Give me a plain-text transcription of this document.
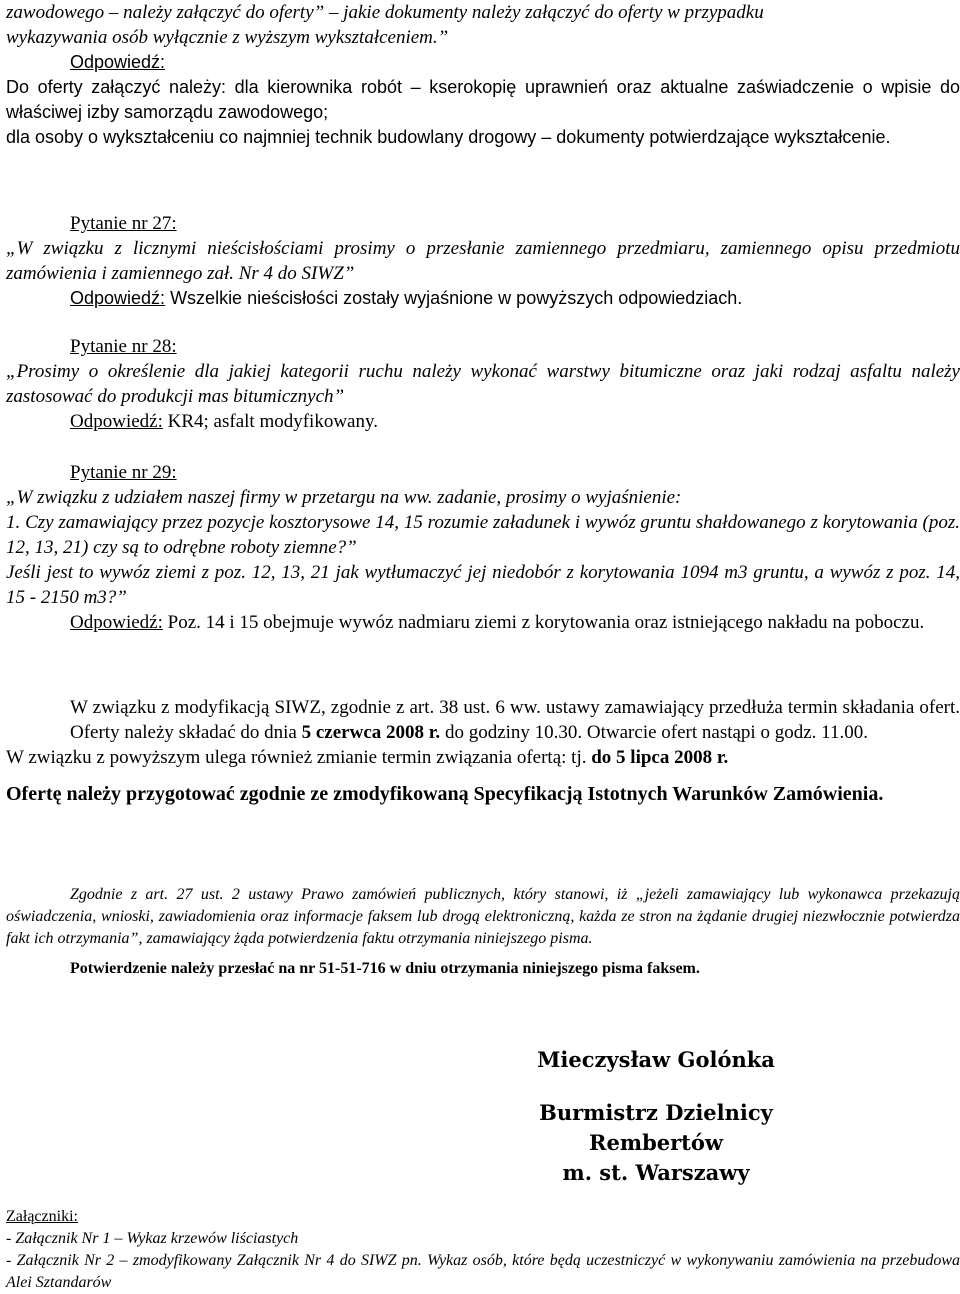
zawodowego – należy załączyć do oferty” – jakie dokumenty należy załączyć do oferty w przypadku

wykazywania osób wyłącznie z wyższym wykształceniem.”

Odpowiedź:

Do oferty załączyć należy: dla kierownika robót – kserokopię uprawnień oraz aktualne zaświadczenie o wpisie do właściwej izby samorządu zawodowego;

dla osoby o wykształceniu co najmniej technik budowlany drogowy – dokumenty potwierdzające wykształcenie.

Pytanie nr 27:

„W związku z licznymi nieścisłościami prosimy o przesłanie zamiennego przedmiaru, zamiennego opisu przedmiotu zamówienia i zamiennego zał. Nr 4 do SIWZ”

Odpowiedź: Wszelkie nieścisłości zostały wyjaśnione w powyższych odpowiedziach.

Pytanie nr 28:

„Prosimy o określenie dla jakiej kategorii ruchu należy wykonać warstwy bitumiczne oraz jaki rodzaj asfaltu należy zastosować do produkcji mas bitumicznych”

Odpowiedź: KR4; asfalt modyfikowany.

Pytanie nr 29:

„W związku z udziałem naszej firmy w przetargu na ww. zadanie, prosimy o wyjaśnienie:

1. Czy zamawiający przez pozycje kosztorysowe 14, 15 rozumie załadunek i wywóz gruntu shałdowanego z korytowania (poz. 12, 13, 21) czy są to odrębne roboty ziemne?”

Jeśli jest to wywóz ziemi z poz. 12, 13, 21 jak wytłumaczyć jej niedobór z korytowania 1094 m3 gruntu, a wywóz z poz. 14, 15 - 2150 m3?”

Odpowiedź: Poz. 14 i 15 obejmuje wywóz nadmiaru ziemi z korytowania oraz istniejącego nakładu na poboczu.

W związku z modyfikacją SIWZ, zgodnie z art. 38 ust. 6 ww. ustawy zamawiający przedłuża termin składania ofert. Oferty należy składać do dnia 5 czerwca 2008 r. do godziny 10.30. Otwarcie ofert nastąpi o godz. 11.00.

W związku z powyższym ulega również zmianie termin związania ofertą: tj. do 5 lipca 2008 r.

Ofertę należy przygotować zgodnie ze zmodyfikowaną Specyfikacją Istotnych Warunków Zamówienia.

Zgodnie z art. 27 ust. 2 ustawy Prawo zamówień publicznych, który stanowi, iż „jeżeli zamawiający lub wykonawca przekazują oświadczenia, wnioski, zawiadomienia oraz informacje faksem lub drogą elektroniczną, każda ze stron na żądanie drugiej niezwłocznie potwierdza fakt ich otrzymania”, zamawiający żąda potwierdzenia faktu otrzymania niniejszego pisma.

Potwierdzenie należy przesłać na nr 51-51-716 w dniu otrzymania niniejszego pisma faksem.

Mieczysław Golónka

Burmistrz Dzielnicy Rembertów

m. st. Warszawy

Załączniki:

- Załącznik Nr 1 – Wykaz krzewów liściastych

- Załącznik Nr 2 – zmodyfikowany Załącznik Nr 4 do SIWZ pn. Wykaz osób, które będą uczestniczyć w wykonywaniu zamówienia na przebudowa Alei Sztandarów
